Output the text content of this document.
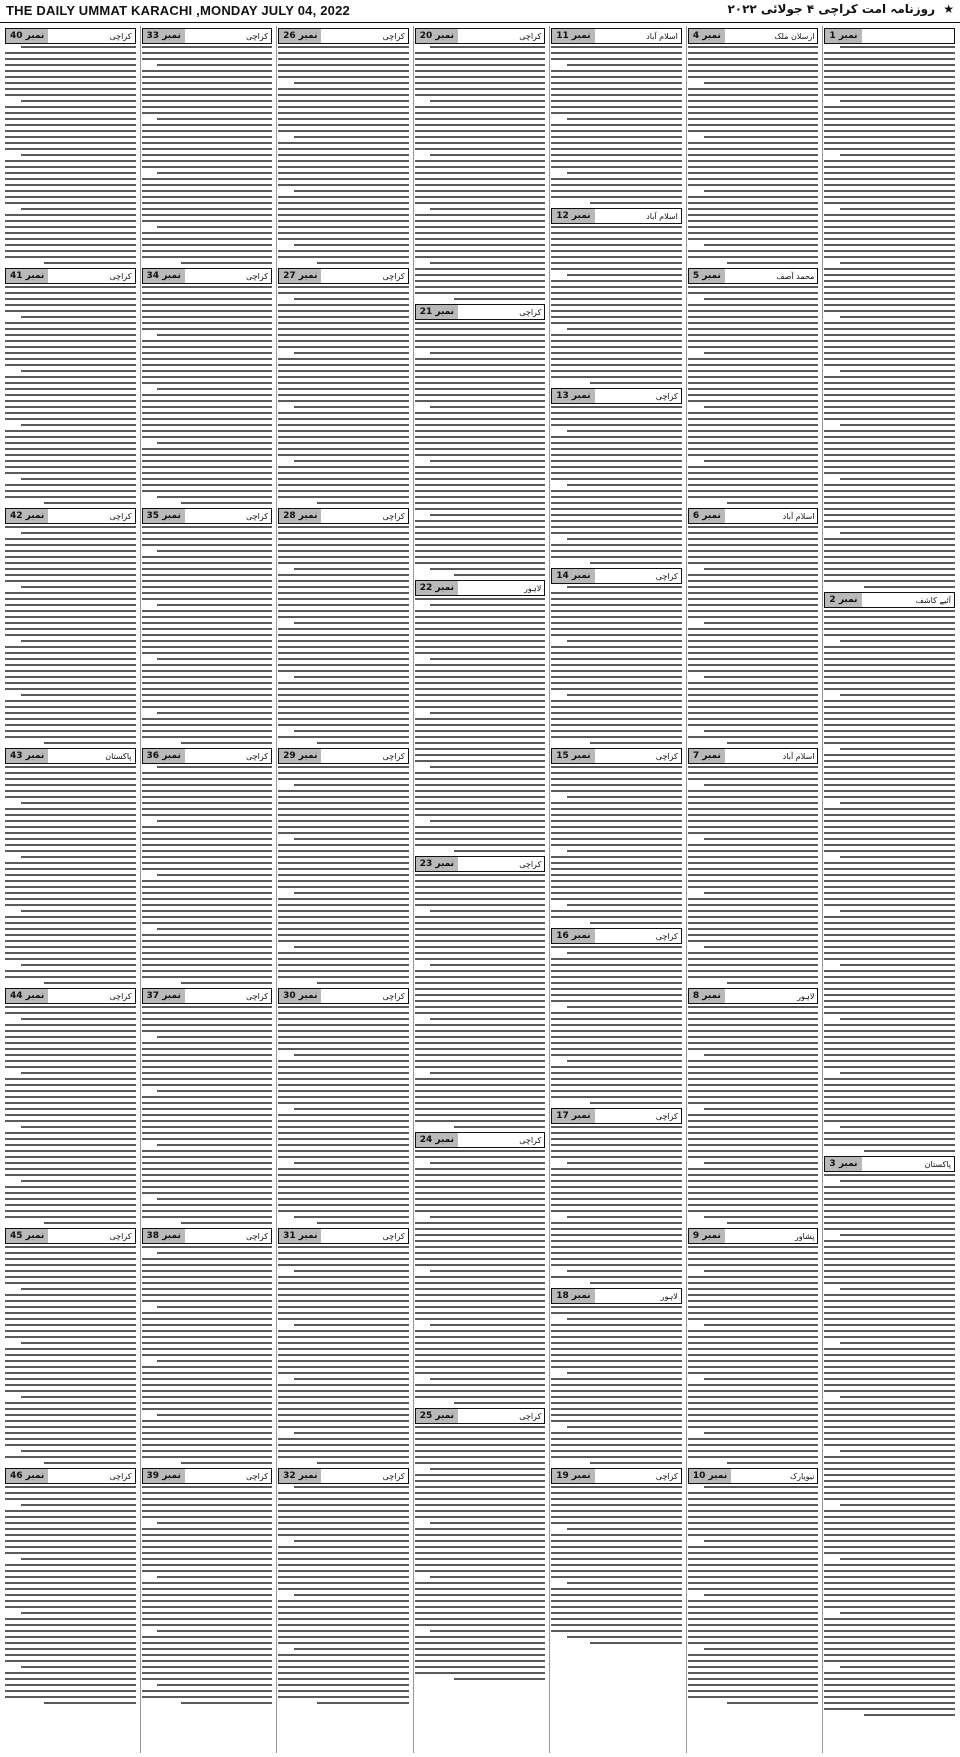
THE DAILY UMMAT KARACHI ,MONDAY JULY 04, 2022	★ روزنامہ امت کراچی ۴ جولائی ۲۰۲۲
نمبر 1
نمبر 2	آئیے کاشف
نمبر 3	پاکستان
نمبر 4	ارسلان ملک
نمبر 5	محمد آصف
نمبر 6	اسلام آباد
نمبر 7	اسلام آباد
نمبر 8	لاہور
نمبر 9	پشاور
نمبر 10	نیویارک
نمبر 11	اسلام آباد
نمبر 12	اسلام آباد
نمبر 13	کراچی
نمبر 14	کراچی
نمبر 15	کراچی
نمبر 16	کراچی
نمبر 17	کراچی
نمبر 18	لاہور
نمبر 19	کراچی
نمبر 20	کراچی
نمبر 21	کراچی
نمبر 22	لاہور
نمبر 23	کراچی
نمبر 24	کراچی
نمبر 25	کراچی
نمبر 26	کراچی
نمبر 27	کراچی
نمبر 28	کراچی
نمبر 29	کراچی
نمبر 30	کراچی
نمبر 31	کراچی
نمبر 32	کراچی
نمبر 33	کراچی
نمبر 34	کراچی
نمبر 35	کراچی
نمبر 36	کراچی
نمبر 37	کراچی
نمبر 38	کراچی
نمبر 39	کراچی
نمبر 40	کراچی
نمبر 41	کراچی
نمبر 42	کراچی
نمبر 43	پاکستان
نمبر 44	کراچی
نمبر 45	کراچی
نمبر 46	کراچی
